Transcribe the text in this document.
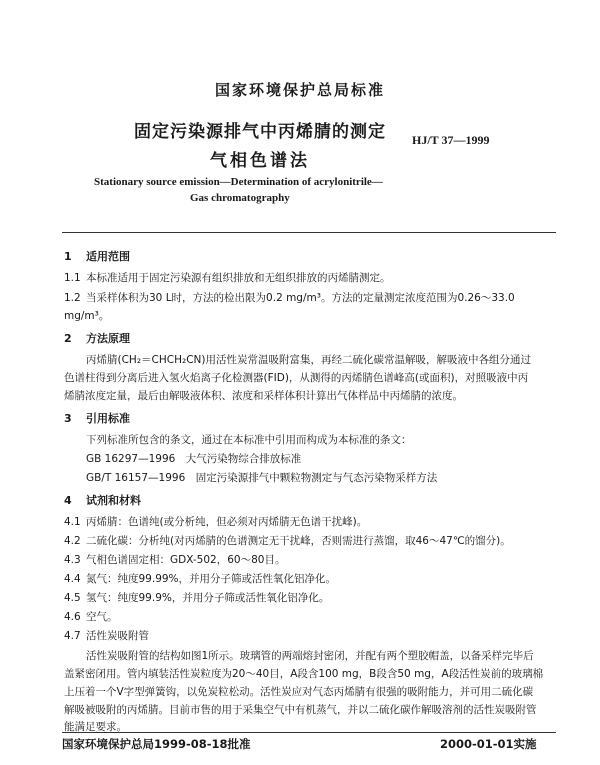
国家环境保护总局标准
固定污染源排气中丙烯腈的测定
气相色谱法
HJ/T 37—1999
Stationary source emission—Determination of acrylonitrile—
Gas chromatography
1 适用范围
1.1 本标准适用于固定污染源有组织排放和无组织排放的丙烯腈测定。
1.2 当采样体积为30 L时，方法的检出限为0.2 mg/m³。方法的定量测定浓度范围为0.26～33.0
mg/m³。
2 方法原理
丙烯腈(CH₂＝CHCH₂CN)用活性炭常温吸附富集，再经二硫化碳常温解吸，解吸液中各组分通过
色谱柱得到分离后进入氢火焰离子化检测器(FID)，从测得的丙烯腈色谱峰高(或面积)，对照吸液中丙
烯腈浓度定量，最后由解吸液体积、浓度和采样体积计算出气体样品中丙烯腈的浓度。
3 引用标准
下列标准所包含的条文，通过在本标准中引用而构成为本标准的条文：
GB 16297—1996　大气污染物综合排放标准
GB/T 16157—1996　固定污染源排气中颗粒物测定与气态污染物采样方法
4 试剂和材料
4.1 丙烯腈：色谱纯(或分析纯，但必须对丙烯腈无色谱干扰峰)。
4.2 二硫化碳：分析纯(对丙烯腈的色谱测定无干扰峰，否则需进行蒸馏，取46～47℃的馏分)。
4.3 气相色谱固定相：GDX-502，60～80目。
4.4 氮气：纯度99.99%，并用分子筛或活性氧化铝净化。
4.5 氢气：纯度99.9%，并用分子筛或活性氧化铝净化。
4.6 空气。
4.7 活性炭吸附管
活性炭吸附管的结构如图1所示。玻璃管的两端熔封密闭，并配有两个塑胶帽盖，以备采样完毕后
盖紧密闭用。管内填装活性炭粒度为20～40目，A段含100 mg，B段含50 mg，A段活性炭前的玻璃棉
上压着一个V字型弹簧钩，以免炭粒松动。活性炭应对气态丙烯腈有很强的吸附能力，并可用二硫化碳
解吸被吸附的丙烯腈。目前市售的用于采集空气中有机蒸气，并以二硫化碳作解吸溶剂的活性炭吸附管
能满足要求。
国家环境保护总局1999-08-18批准	2000-01-01实施
